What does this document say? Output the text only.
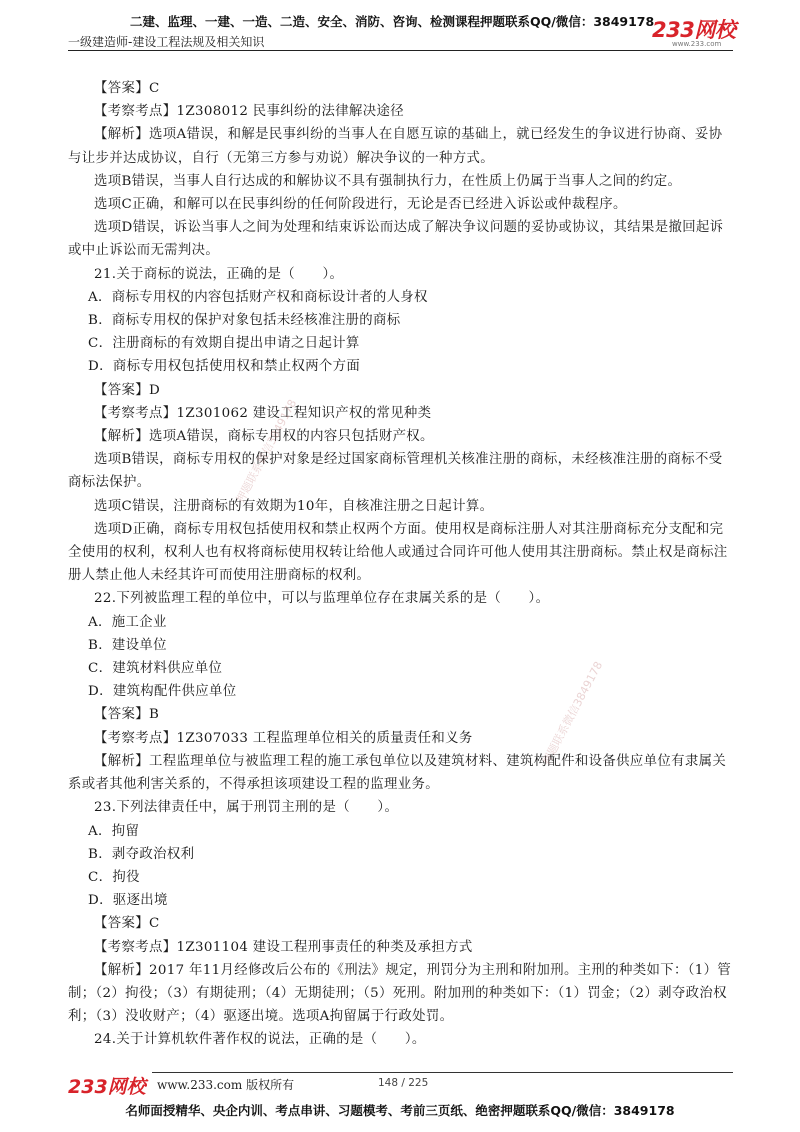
二建、监理、一建、一造、二造、安全、消防、咨询、检测课程押题联系QQ/微信：3849178
一级建造师-建设工程法规及相关知识	233网校
www.233.com

【答案】C

【考察考点】1Z308012 民事纠纷的法律解决途径

【解析】选项A错误，和解是民事纠纷的当事人在自愿互谅的基础上，就已经发生的争议进行协商、妥协与让步并达成协议，自行（无第三方参与劝说）解决争议的一种方式。

选项B错误，当事人自行达成的和解协议不具有强制执行力，在性质上仍属于当事人之间的约定。

选项C正确，和解可以在民事纠纷的任何阶段进行，无论是否已经进入诉讼或仲裁程序。

选项D错误，诉讼当事人之间为处理和结束诉讼而达成了解决争议问题的妥协或协议，其结果是撤回起诉或中止诉讼而无需判决。

21.关于商标的说法，正确的是（　　）。

A．商标专用权的内容包括财产权和商标设计者的人身权

B．商标专用权的保护对象包括未经核准注册的商标

C．注册商标的有效期自提出申请之日起计算

D．商标专用权包括使用权和禁止权两个方面

【答案】D

【考察考点】1Z301062 建设工程知识产权的常见种类

【解析】选项A错误，商标专用权的内容只包括财产权。

选项B错误，商标专用权的保护对象是经过国家商标管理机关核准注册的商标，未经核准注册的商标不受商标法保护。

选项C错误，注册商标的有效期为10年，自核准注册之日起计算。

选项D正确，商标专用权包括使用权和禁止权两个方面。使用权是商标注册人对其注册商标充分支配和完全使用的权利，权利人也有权将商标使用权转让给他人或通过合同许可他人使用其注册商标。禁止权是商标注册人禁止他人未经其许可而使用注册商标的权利。

22.下列被监理工程的单位中，可以与监理单位存在隶属关系的是（　　）。

A．施工企业

B．建设单位

C．建筑材料供应单位

D．建筑构配件供应单位

【答案】B

【考察考点】1Z307033 工程监理单位相关的质量责任和义务

【解析】工程监理单位与被监理工程的施工承包单位以及建筑材料、建筑构配件和设备供应单位有隶属关系或者其他利害关系的，不得承担该项建设工程的监理业务。

23.下列法律责任中，属于刑罚主刑的是（　　）。

A．拘留

B．剥夺政治权利

C．拘役

D．驱逐出境

【答案】C

【考察考点】1Z301104 建设工程刑事责任的种类及承担方式

【解析】2017 年11月经修改后公布的《刑法》规定，刑罚分为主刑和附加刑。主刑的种类如下：（1）管制；（2）拘役；（3）有期徒刑；（4）无期徒刑；（5）死刑。附加刑的种类如下：（1）罚金；（2）剥夺政治权利；（3）没收财产；（4）驱逐出境。选项A拘留属于行政处罚。

24.关于计算机软件著作权的说法，正确的是（　　）。

押题联系微信3849178
押题联系微信3849178
233网校 www.233.com 版权所有	148 / 225
名师面授精华、央企内训、考点串讲、习题模考、考前三页纸、绝密押题联系QQ/微信：3849178
